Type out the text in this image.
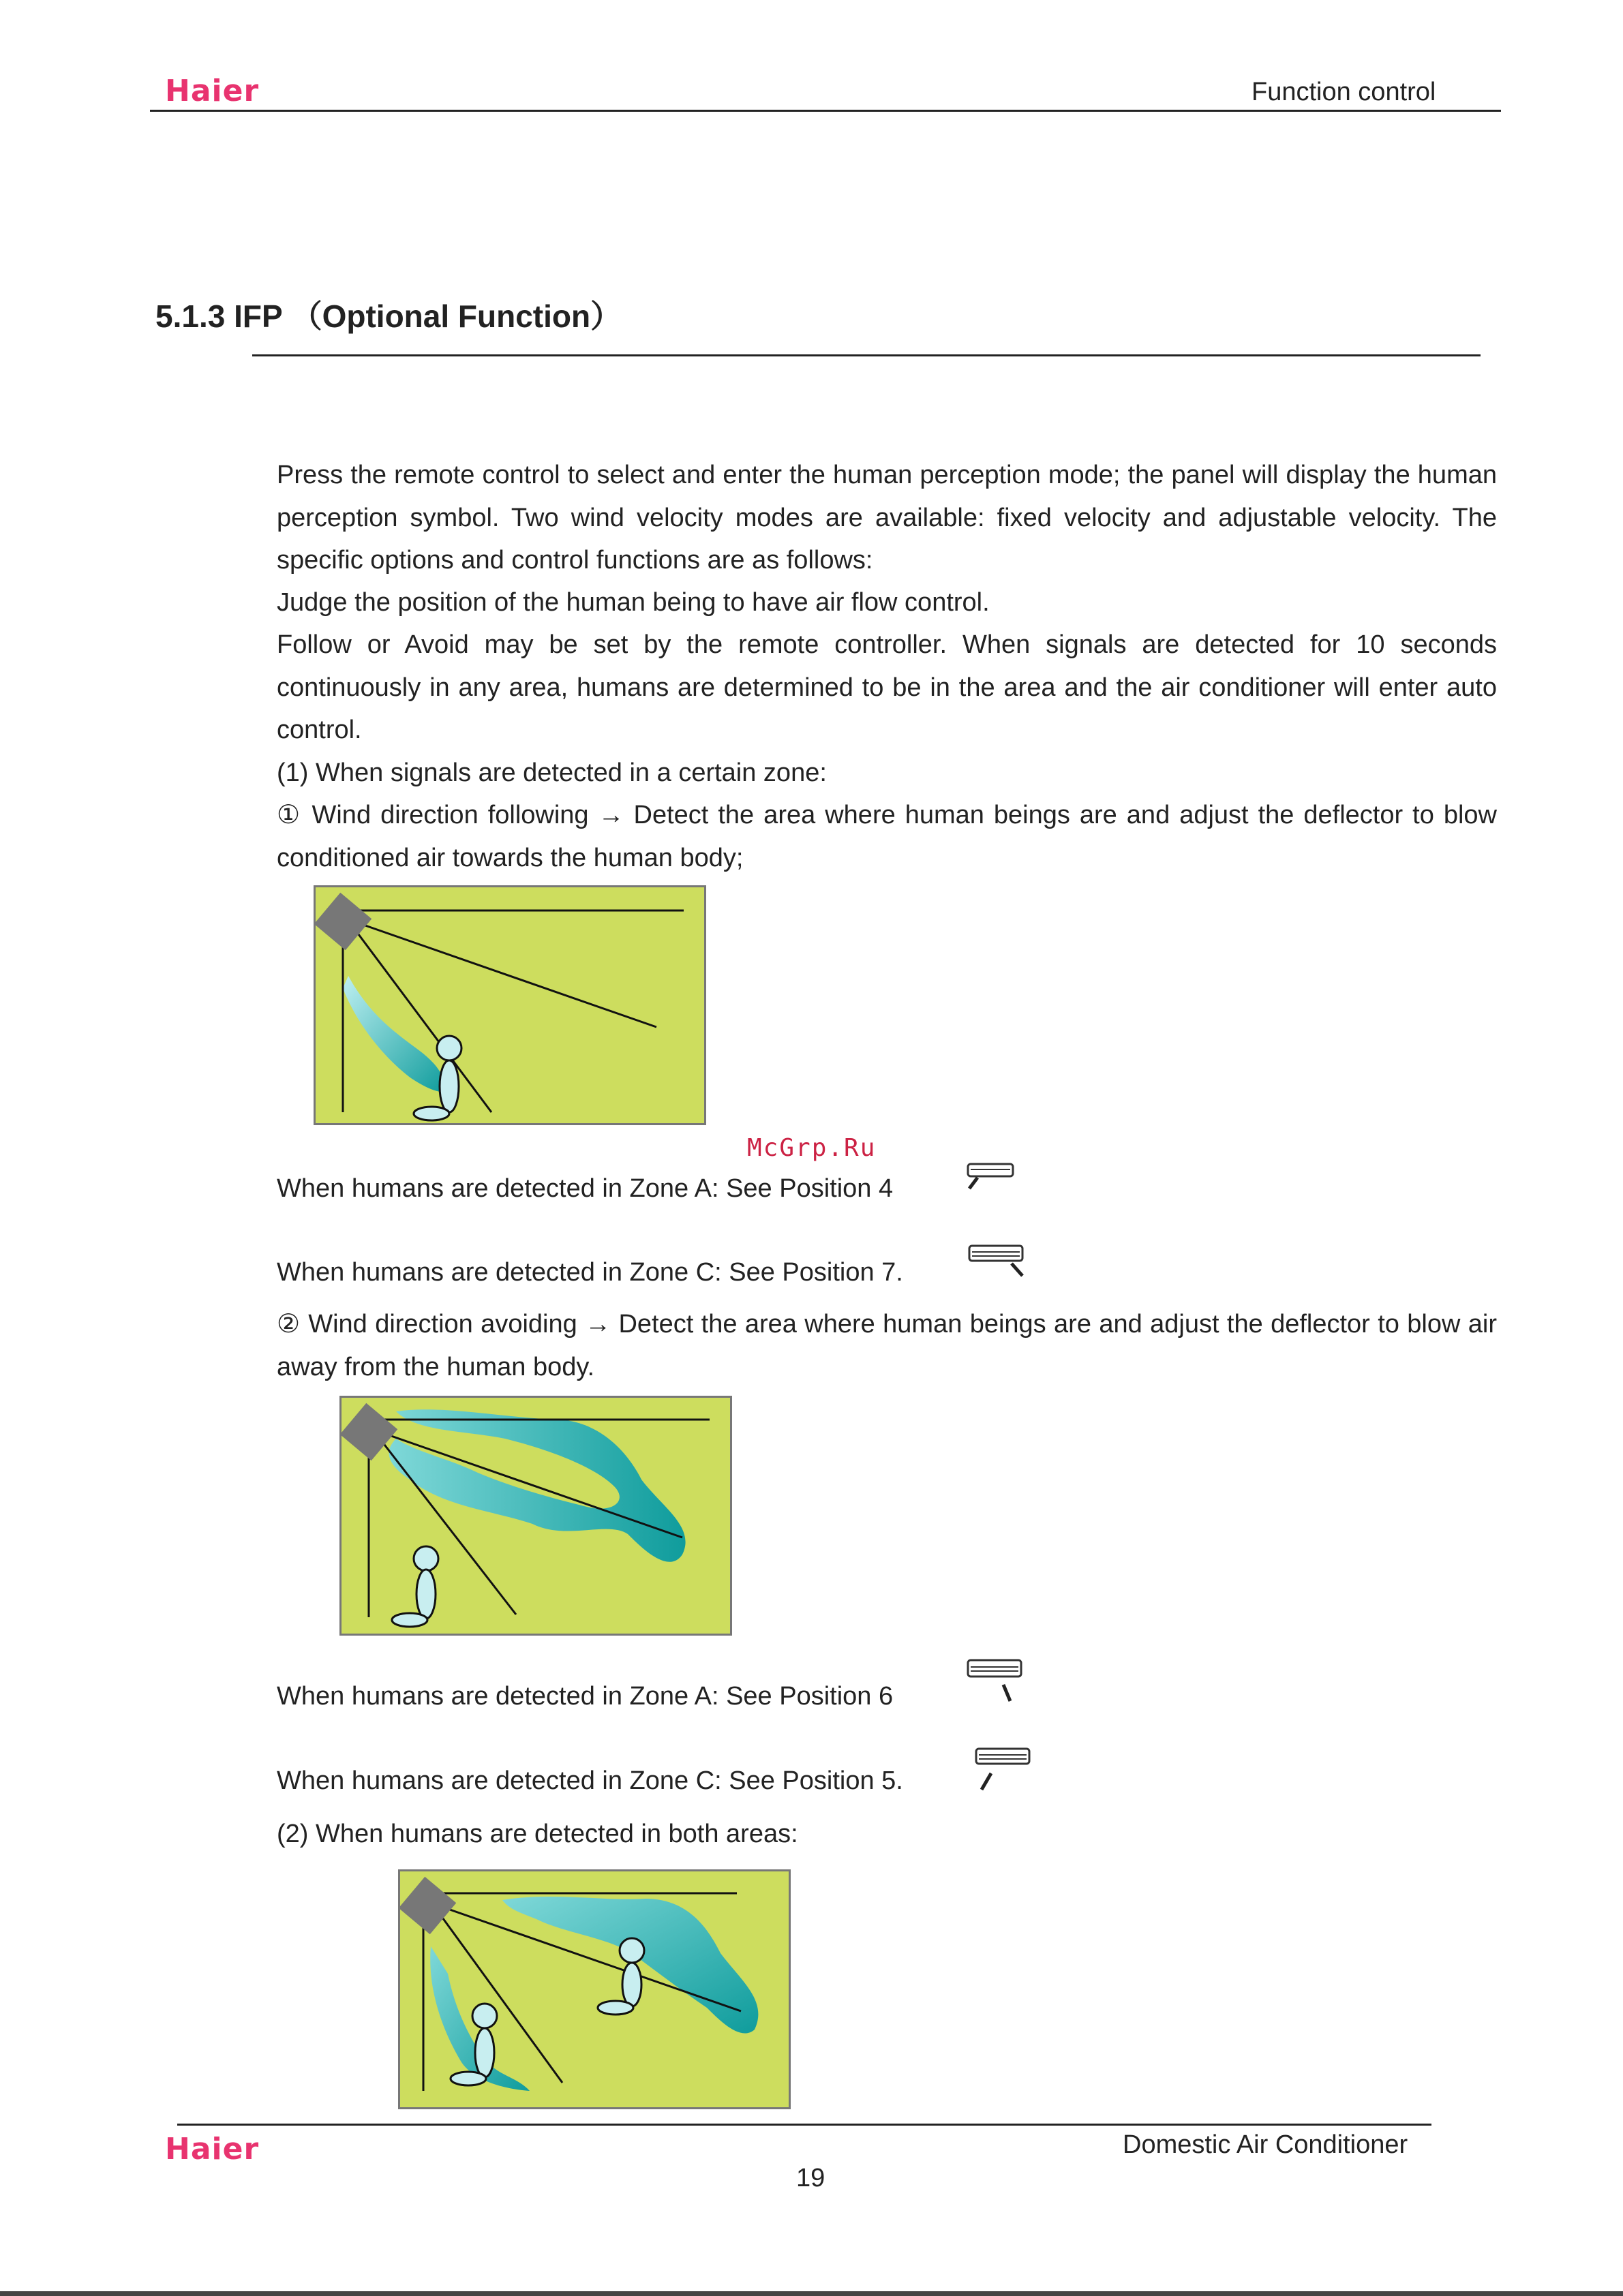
Haier	Function control
5.1.3 IFP （Optional Function）
Press the remote control to select and enter the human perception mode; the panel will display the human perception symbol. Two wind velocity modes are available: fixed velocity and adjustable velocity. The specific options and control functions are as follows:
Judge the position of the human being to have air flow control.
Follow or Avoid may be set by the remote controller. When signals are detected for 10 seconds continuously in any area, humans are determined to be in the area and the air conditioner will enter auto control.
(1) When signals are detected in a certain zone:
① Wind direction following → Detect the area where human beings are and adjust the deflector to blow conditioned air towards the human body;
McGrp.Ru
When humans are detected in Zone A: See Position 4
When humans are detected in Zone C: See Position 7.
② Wind direction avoiding → Detect the area where human beings are and adjust the deflector to blow air away from the human body.
When humans are detected in Zone A: See Position 6
When humans are detected in Zone C: See Position 5.
(2) When humans are detected in both areas:
Haier	Domestic Air Conditioner
19
